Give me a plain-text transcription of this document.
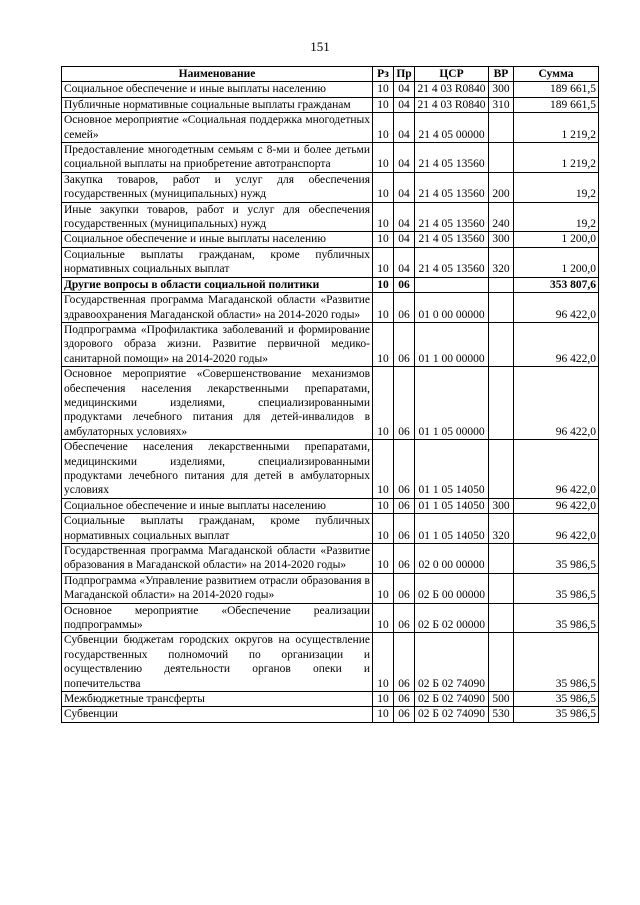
151
Наименование	Рз	Пр	ЦСР	ВР	Сумма
Социальное обеспечение и иные выплаты населению	10	04	21 4 03 R0840	300	189 661,5
Публичные нормативные социальные выплаты гражданам	10	04	21 4 03 R0840	310	189 661,5
Основное мероприятие «Социальная поддержка многодетных семей»	10	04	21 4 05 00000		1 219,2
Предоставление многодетным семьям с 8-ми и более детьми социальной выплаты на приобретение автотранспорта	10	04	21 4 05 13560		1 219,2
Закупка товаров, работ и услуг для обеспечения государственных (муниципальных) нужд	10	04	21 4 05 13560	200	19,2
Иные закупки товаров, работ и услуг для обеспечения государственных (муниципальных) нужд	10	04	21 4 05 13560	240	19,2
Социальное обеспечение и иные выплаты населению	10	04	21 4 05 13560	300	1 200,0
Социальные выплаты гражданам, кроме публичных нормативных социальных выплат	10	04	21 4 05 13560	320	1 200,0
Другие вопросы в области социальной политики	10	06			353 807,6
Государственная программа Магаданской области «Развитие здравоохранения Магаданской области» на 2014-2020 годы»	10	06	01 0 00 00000		96 422,0
Подпрограмма «Профилактика заболеваний и формирование здорового образа жизни. Развитие первичной медико-санитарной помощи» на 2014-2020 годы»	10	06	01 1 00 00000		96 422,0
Основное мероприятие «Совершенствование механизмов обеспечения населения лекарственными препаратами, медицинскими изделиями, специализированными продуктами лечебного питания для детей-инвалидов в амбулаторных условиях»	10	06	01 1 05 00000		96 422,0
Обеспечение населения лекарственными препаратами, медицинскими изделиями, специализированными продуктами лечебного питания для детей в амбулаторных условиях	10	06	01 1 05 14050		96 422,0
Социальное обеспечение и иные выплаты населению	10	06	01 1 05 14050	300	96 422,0
Социальные выплаты гражданам, кроме публичных нормативных социальных выплат	10	06	01 1 05 14050	320	96 422,0
Государственная программа Магаданской области «Развитие образования в Магаданской области» на 2014-2020 годы»	10	06	02 0 00 00000		35 986,5
Подпрограмма «Управление развитием отрасли образования в Магаданской области» на 2014-2020 годы»	10	06	02 Б 00 00000		35 986,5
Основное мероприятие «Обеспечение реализации подпрограммы»	10	06	02 Б 02 00000		35 986,5
Субвенции бюджетам городских округов на осуществление государственных полномочий по организации и осуществлению деятельности органов опеки и попечительства	10	06	02 Б 02 74090		35 986,5
Межбюджетные трансферты	10	06	02 Б 02 74090	500	35 986,5
Субвенции	10	06	02 Б 02 74090	530	35 986,5
